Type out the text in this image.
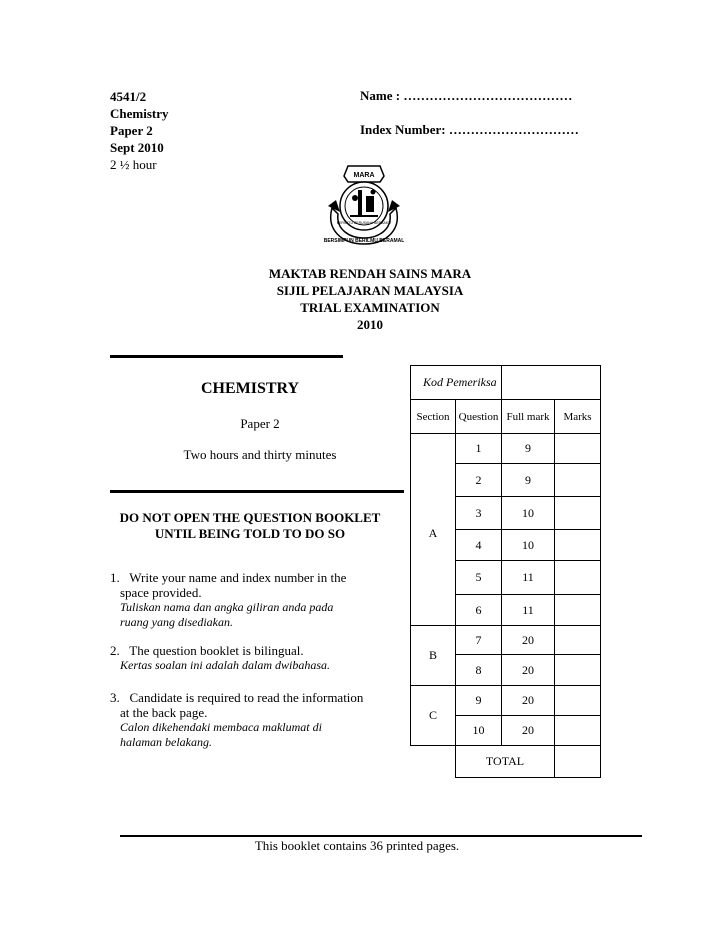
4541/2
Chemistry
Paper 2
Sept 2010
2 ½ hour
Name : …………………………………
Index Number: …………………………
MARA
BERSIMPUN BERILMU BERAMAL
BERSATU BERUSAHA BERBAKTI
MAKTAB RENDAH SAINS MARA
SIJIL PELAJARAN MALAYSIA
TRIAL EXAMINATION
2010
CHEMISTRY
Paper 2
Two hours and thirty minutes
DO NOT OPEN THE QUESTION BOOKLET
UNTIL BEING TOLD TO DO SO
1. Write your name and index number in the
space provided.
Tuliskan nama dan angka giliran anda pada
ruang yang disediakan.
2. The question booklet is bilingual.
Kertas soalan ini adalah dalam dwibahasa.
3. Candidate is required to read the information
at the back page.
Calon dikehendaki membaca maklumat di
halaman belakang.
Kod Pemeriksa			
Section	Question	Full mark	Marks
A	1	9	
	2	9	
	3	10	
	4	10	
	5	11	
	6	11	
B	7	20	
	8	20	
C	9	20	
	10	20	
	TOTAL		
This booklet contains 36 printed pages.
